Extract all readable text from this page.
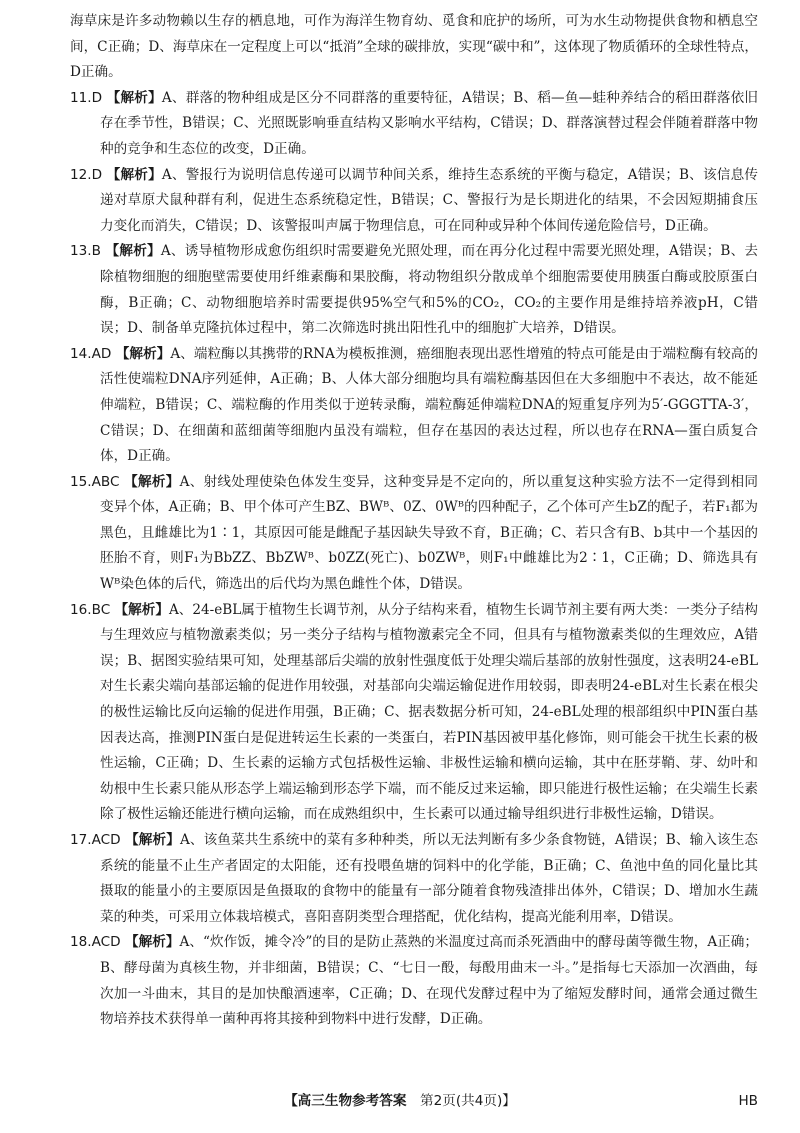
海草床是许多动物赖以生存的栖息地，可作为海洋生物育幼、觅食和庇护的场所，可为水生动物提供食物和栖息空间，C正确；D、海草床在一定程度上可以“抵消”全球的碳排放，实现“碳中和”，这体现了物质循环的全球性特点，D正确。

11.D 【解析】A、群落的物种组成是区分不同群落的重要特征，A错误；B、稻—鱼—蛙种养结合的稻田群落依旧存在季节性，B错误；C、光照既影响垂直结构又影响水平结构，C错误；D、群落演替过程会伴随着群落中物种的竞争和生态位的改变，D正确。
12.D 【解析】A、警报行为说明信息传递可以调节种间关系，维持生态系统的平衡与稳定，A错误；B、该信息传递对草原犬鼠种群有利，促进生态系统稳定性，B错误；C、警报行为是长期进化的结果，不会因短期捕食压力变化而消失，C错误；D、该警报叫声属于物理信息，可在同种或异种个体间传递危险信号，D正确。
13.B 【解析】A、诱导植物形成愈伤组织时需要避免光照处理，而在再分化过程中需要光照处理，A错误；B、去除植物细胞的细胞壁需要使用纤维素酶和果胶酶，将动物组织分散成单个细胞需要使用胰蛋白酶或胶原蛋白酶，B正确；C、动物细胞培养时需要提供95%空气和5%的CO₂，CO₂的主要作用是维持培养液pH，C错误；D、制备单克隆抗体过程中，第二次筛选时挑出阳性孔中的细胞扩大培养，D错误。
14.AD 【解析】A、端粒酶以其携带的RNA为模板推测，癌细胞表现出恶性增殖的特点可能是由于端粒酶有较高的活性使端粒DNA序列延伸，A正确；B、人体大部分细胞均具有端粒酶基因但在大多细胞中不表达，故不能延伸端粒，B错误；C、端粒酶的作用类似于逆转录酶，端粒酶延伸端粒DNA的短重复序列为5′-GGGTTA-3′，C错误；D、在细菌和蓝细菌等细胞内虽没有端粒，但存在基因的表达过程，所以也存在RNA—蛋白质复合体，D正确。
15.ABC 【解析】A、射线处理使染色体发生变异，这种变异是不定向的，所以重复这种实验方法不一定得到相同变异个体，A正确；B、甲个体可产生BZ、BWᴮ、0Z、0Wᴮ的四种配子，乙个体可产生bZ的配子，若F₁都为黑色，且雌雄比为1∶1，其原因可能是雌配子基因缺失导致不育，B正确；C、若只含有B、b其中一个基因的胚胎不育，则F₁为BbZZ、BbZWᴮ、b0ZZ(死亡)、b0ZWᴮ，则F₁中雌雄比为2∶1，C正确；D、筛选具有Wᴮ染色体的后代，筛选出的后代均为黑色雌性个体，D错误。
16.BC 【解析】A、24-eBL属于植物生长调节剂，从分子结构来看，植物生长调节剂主要有两大类：一类分子结构与生理效应与植物激素类似；另一类分子结构与植物激素完全不同，但具有与植物激素类似的生理效应，A错误；B、据图实验结果可知，处理基部后尖端的放射性强度低于处理尖端后基部的放射性强度，这表明24-eBL对生长素尖端向基部运输的促进作用较强，对基部向尖端运输促进作用较弱，即表明24-eBL对生长素在根尖的极性运输比反向运输的促进作用强，B正确；C、据表数据分析可知，24-eBL处理的根部组织中PIN蛋白基因表达高，推测PIN蛋白是促进转运生长素的一类蛋白，若PIN基因被甲基化修饰，则可能会干扰生长素的极性运输，C正确；D、生长素的运输方式包括极性运输、非极性运输和横向运输，其中在胚芽鞘、芽、幼叶和幼根中生长素只能从形态学上端运输到形态学下端，而不能反过来运输，即只能进行极性运输；在尖端生长素除了极性运输还能进行横向运输，而在成熟组织中，生长素可以通过输导组织进行非极性运输，D错误。
17.ACD 【解析】A、该鱼菜共生系统中的菜有多种种类，所以无法判断有多少条食物链，A错误；B、输入该生态系统的能量不止生产者固定的太阳能，还有投喂鱼塘的饲料中的化学能，B正确；C、鱼池中鱼的同化量比其摄取的能量小的主要原因是鱼摄取的食物中的能量有一部分随着食物残渣排出体外，C错误；D、增加水生蔬菜的种类，可采用立体栽培模式，喜阳喜阴类型合理搭配，优化结构，提高光能利用率，D错误。
18.ACD 【解析】A、“炊作饭，摊令冷”的目的是防止蒸熟的米温度过高而杀死酒曲中的酵母菌等微生物，A正确；B、酵母菌为真核生物，并非细菌，B错误；C、“七日一酘，每酘用曲末一斗。”是指每七天添加一次酒曲，每次加一斗曲末，其目的是加快酿酒速率，C正确；D、在现代发酵过程中为了缩短发酵时间，通常会通过微生物培养技术获得单一菌种再将其接种到物料中进行发酵，D正确。
【高三生物参考答案  第2页(共4页)】	HB
